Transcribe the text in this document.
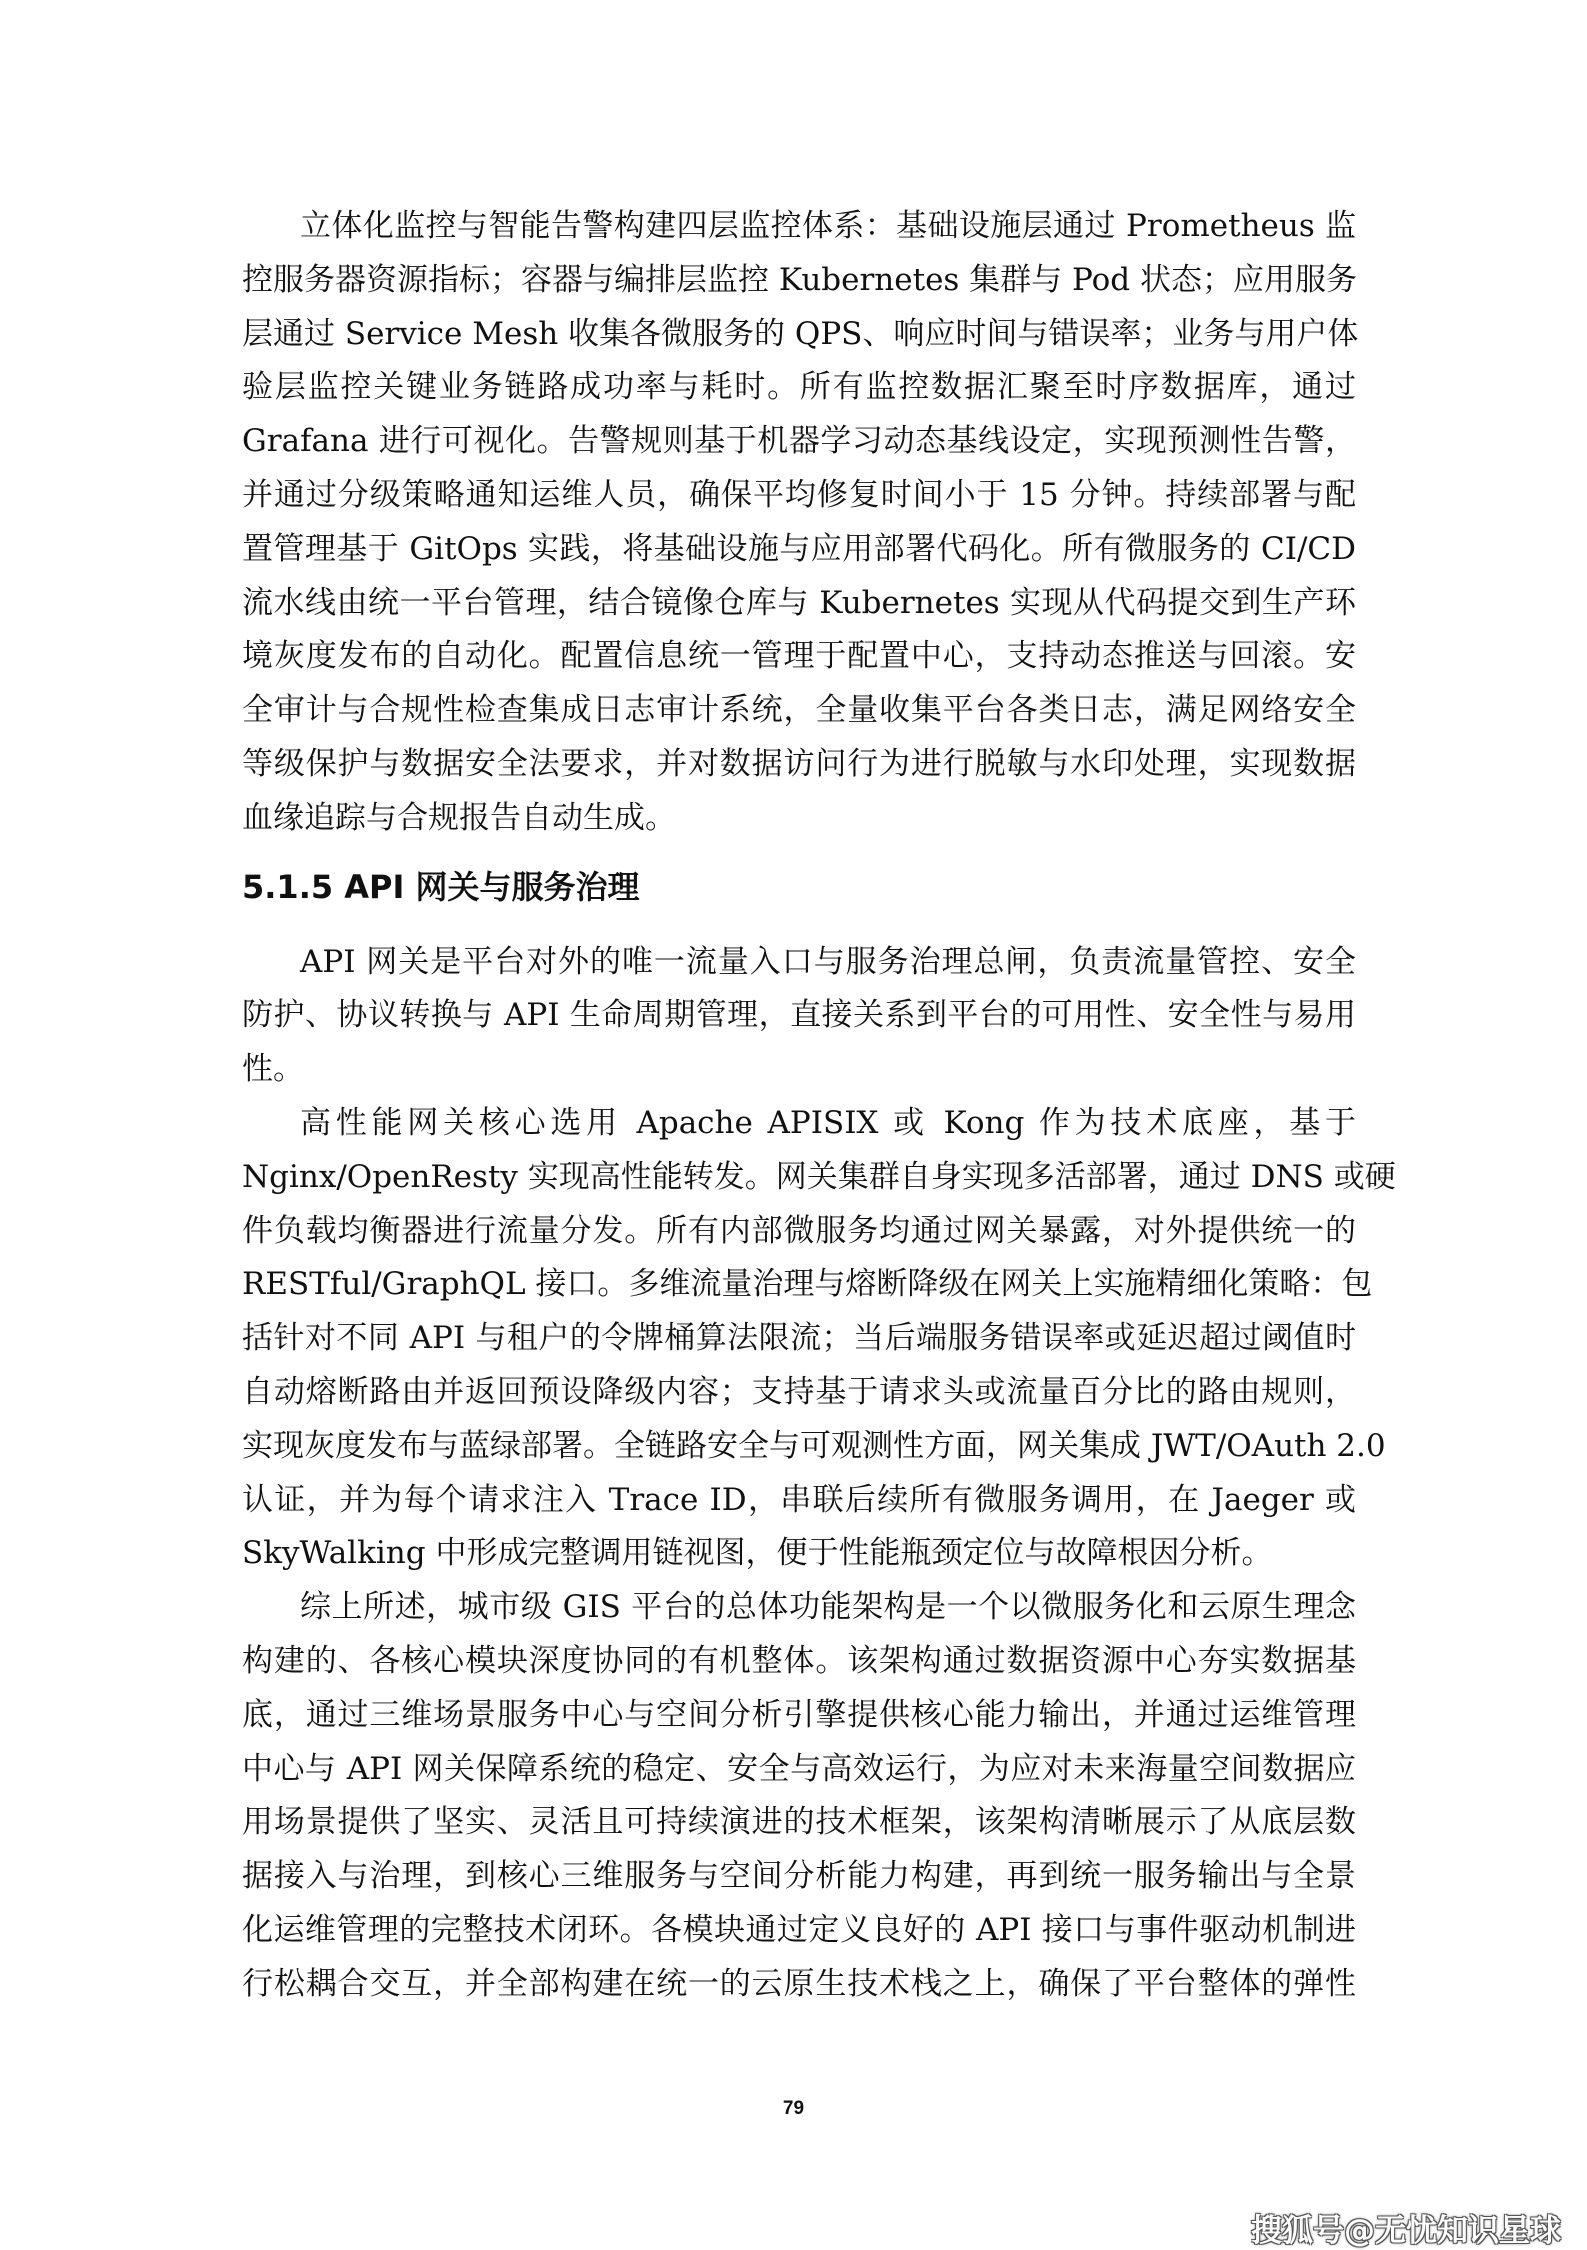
立体化监控与智能告警构建四层监控体系：基础设施层通过 Prometheus 监
控服务器资源指标；容器与编排层监控 Kubernetes 集群与 Pod 状态；应用服务
层通过 Service Mesh 收集各微服务的 QPS、响应时间与错误率；业务与用户体
验层监控关键业务链路成功率与耗时。所有监控数据汇聚至时序数据库，通过
Grafana 进行可视化。告警规则基于机器学习动态基线设定，实现预测性告警，
并通过分级策略通知运维人员，确保平均修复时间小于 15 分钟。持续部署与配
置管理基于 GitOps 实践，将基础设施与应用部署代码化。所有微服务的 CI/CD
流水线由统一平台管理，结合镜像仓库与 Kubernetes 实现从代码提交到生产环
境灰度发布的自动化。配置信息统一管理于配置中心，支持动态推送与回滚。安
全审计与合规性检查集成日志审计系统，全量收集平台各类日志，满足网络安全
等级保护与数据安全法要求，并对数据访问行为进行脱敏与水印处理，实现数据
血缘追踪与合规报告自动生成。
5.1.5 API 网关与服务治理
API 网关是平台对外的唯一流量入口与服务治理总闸，负责流量管控、安全
防护、协议转换与 API 生命周期管理，直接关系到平台的可用性、安全性与易用
性。
高性能网关核心选用 Apache APISIX 或 Kong 作为技术底座，基于
Nginx/OpenResty 实现高性能转发。网关集群自身实现多活部署，通过 DNS 或硬
件负载均衡器进行流量分发。所有内部微服务均通过网关暴露，对外提供统一的
RESTful/GraphQL 接口。多维流量治理与熔断降级在网关上实施精细化策略：包
括针对不同 API 与租户的令牌桶算法限流；当后端服务错误率或延迟超过阈值时
自动熔断路由并返回预设降级内容；支持基于请求头或流量百分比的路由规则，
实现灰度发布与蓝绿部署。全链路安全与可观测性方面，网关集成 JWT/OAuth 2.0
认证，并为每个请求注入 Trace ID，串联后续所有微服务调用，在 Jaeger 或
SkyWalking 中形成完整调用链视图，便于性能瓶颈定位与故障根因分析。
综上所述，城市级 GIS 平台的总体功能架构是一个以微服务化和云原生理念
构建的、各核心模块深度协同的有机整体。该架构通过数据资源中心夯实数据基
底，通过三维场景服务中心与空间分析引擎提供核心能力输出，并通过运维管理
中心与 API 网关保障系统的稳定、安全与高效运行，为应对未来海量空间数据应
用场景提供了坚实、灵活且可持续演进的技术框架，该架构清晰展示了从底层数
据接入与治理，到核心三维服务与空间分析能力构建，再到统一服务输出与全景
化运维管理的完整技术闭环。各模块通过定义良好的 API 接口与事件驱动机制进
行松耦合交互，并全部构建在统一的云原生技术栈之上，确保了平台整体的弹性
79
搜狐号@无忧知识星球
